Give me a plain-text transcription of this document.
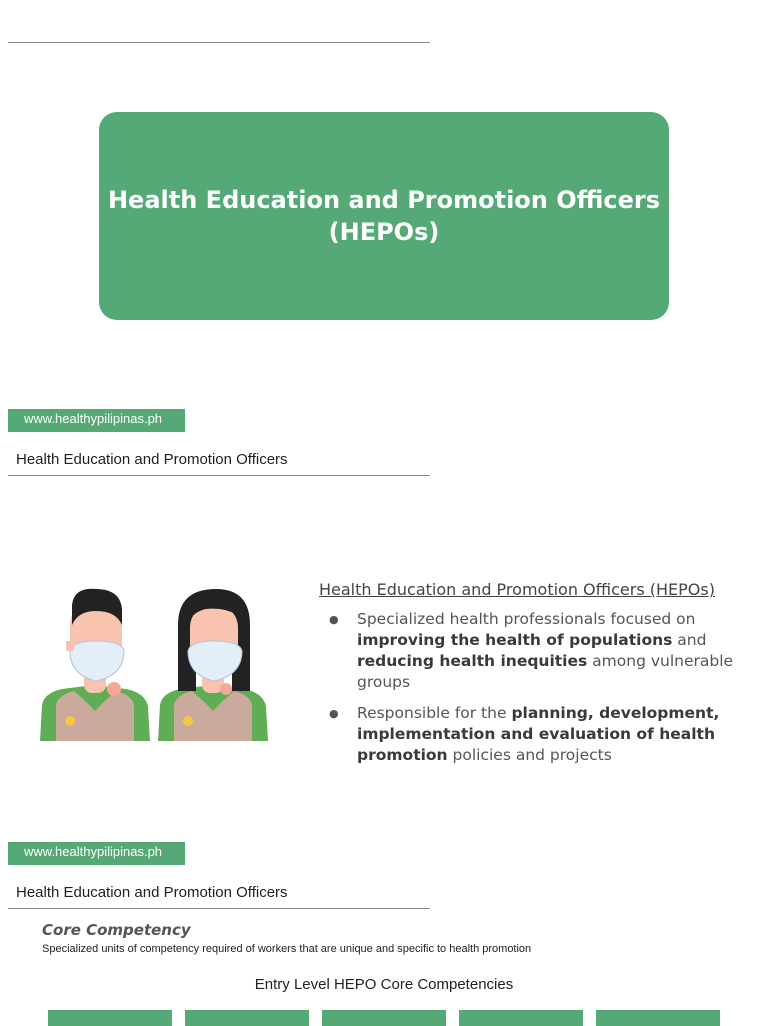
Health Education and Promotion Officers
(HEPOs)
www.healthypilipinas.ph
Health Education and Promotion Officers
Health Education and Promotion Officers (HEPOs)
● Specialized health professionals focused on improving the health of populations and reducing health inequities among vulnerable groups
● Responsible for the planning, development, implementation and evaluation of health promotion policies and projects
www.healthypilipinas.ph
Health Education and Promotion Officers
Core Competency
Specialized units of competency required of workers that are unique and specific to health promotion
Entry Level HEPO Core Competencies
